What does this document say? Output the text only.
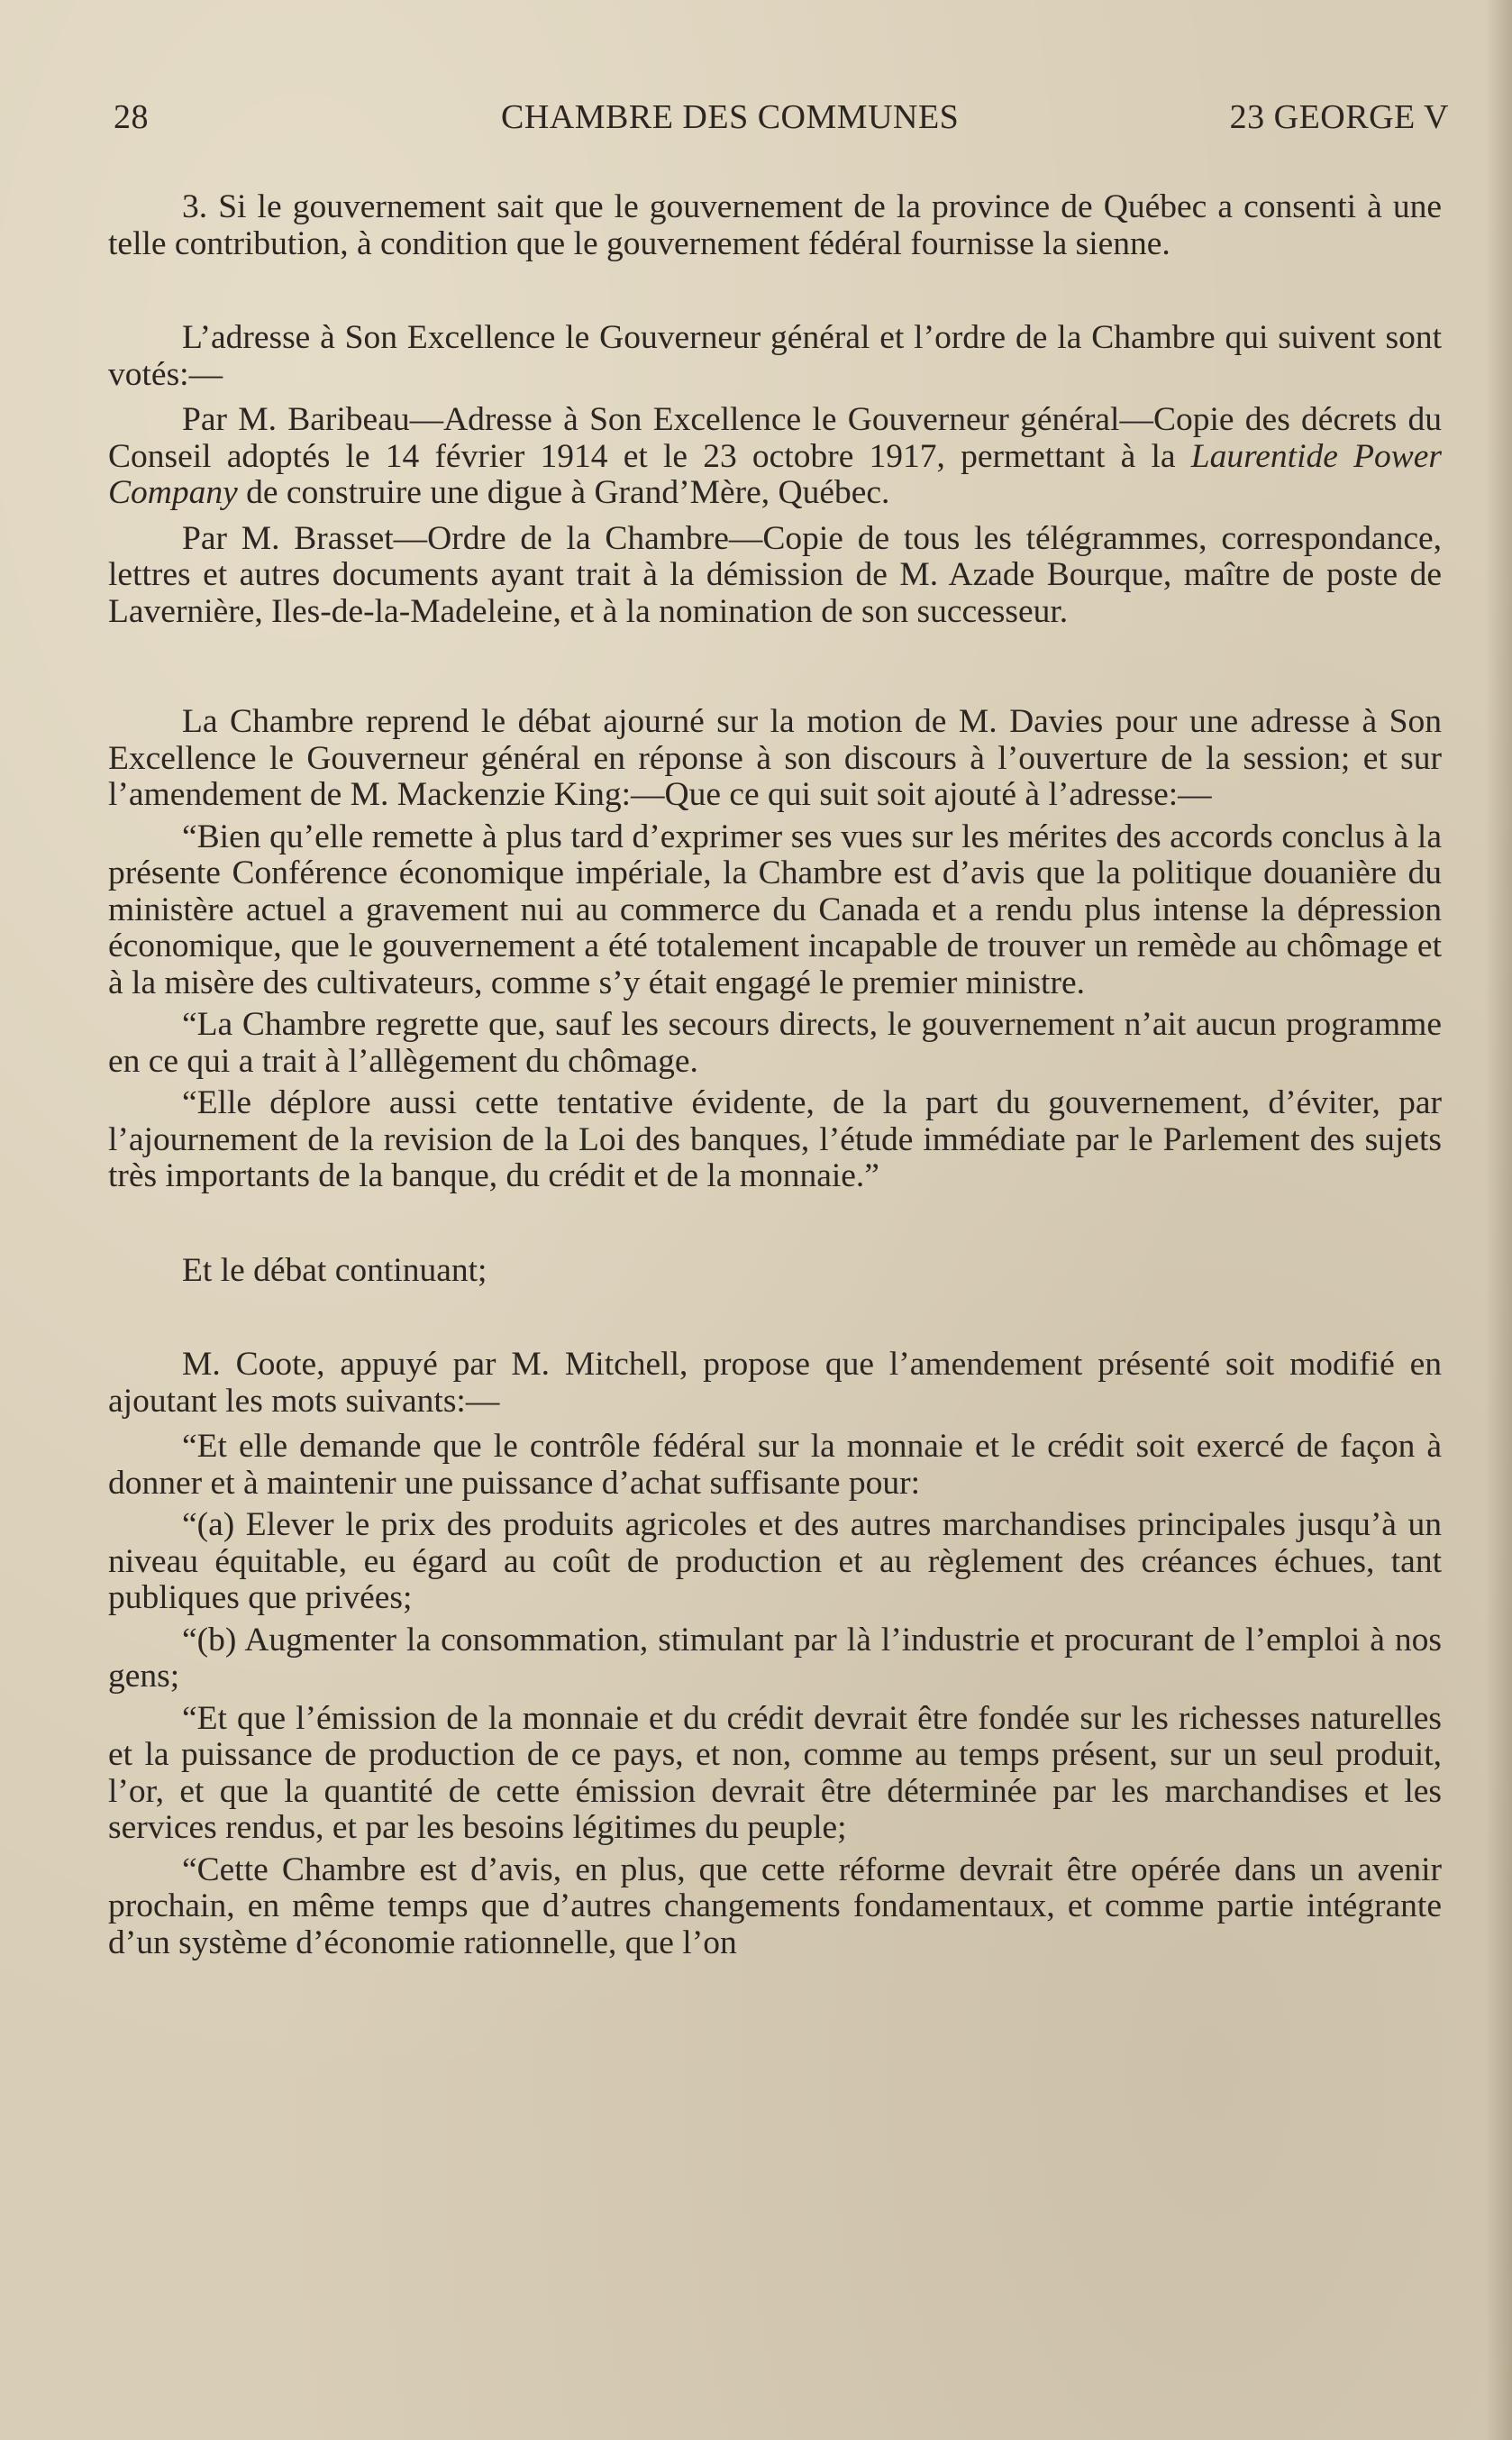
28	CHAMBRE DES COMMUNES	23 GEORGE V

3. Si le gouvernement sait que le gouvernement de la province de Québec a consenti à une telle contribution, à condition que le gouvernement fédéral fournisse la sienne.

L’adresse à Son Excellence le Gouverneur général et l’ordre de la Chambre qui suivent sont votés:—

Par M. Baribeau—Adresse à Son Excellence le Gouverneur général—Copie des décrets du Conseil adoptés le 14 février 1914 et le 23 octobre 1917, permettant à la Laurentide Power Company de construire une digue à Grand’Mère, Québec.

Par M. Brasset—Ordre de la Chambre—Copie de tous les télégrammes, correspondance, lettres et autres documents ayant trait à la démission de M. Azade Bourque, maître de poste de Lavernière, Iles-de-la-Madeleine, et à la nomination de son successeur.

La Chambre reprend le débat ajourné sur la motion de M. Davies pour une adresse à Son Excellence le Gouverneur général en réponse à son discours à l’ouverture de la session; et sur l’amendement de M. Mackenzie King:—Que ce qui suit soit ajouté à l’adresse:—

“Bien qu’elle remette à plus tard d’exprimer ses vues sur les mérites des accords conclus à la présente Conférence économique impériale, la Chambre est d’avis que la politique douanière du ministère actuel a gravement nui au commerce du Canada et a rendu plus intense la dépression économique, que le gouvernement a été totalement incapable de trouver un remède au chômage et à la misère des cultivateurs, comme s’y était engagé le premier ministre.

“La Chambre regrette que, sauf les secours directs, le gouvernement n’ait aucun programme en ce qui a trait à l’allègement du chômage.

“Elle déplore aussi cette tentative évidente, de la part du gouvernement, d’éviter, par l’ajournement de la revision de la Loi des banques, l’étude immédiate par le Parlement des sujets très importants de la banque, du crédit et de la monnaie.”

Et le débat continuant;

M. Coote, appuyé par M. Mitchell, propose que l’amendement présenté soit modifié en ajoutant les mots suivants:—

“Et elle demande que le contrôle fédéral sur la monnaie et le crédit soit exercé de façon à donner et à maintenir une puissance d’achat suffisante pour:

“(a) Elever le prix des produits agricoles et des autres marchandises principales jusqu’à un niveau équitable, eu égard au coût de production et au règlement des créances échues, tant publiques que privées;

“(b) Augmenter la consommation, stimulant par là l’industrie et procurant de l’emploi à nos gens;

“Et que l’émission de la monnaie et du crédit devrait être fondée sur les richesses naturelles et la puissance de production de ce pays, et non, comme au temps présent, sur un seul produit, l’or, et que la quantité de cette émission devrait être déterminée par les marchandises et les services rendus, et par les besoins légitimes du peuple;

“Cette Chambre est d’avis, en plus, que cette réforme devrait être opérée dans un avenir prochain, en même temps que d’autres changements fondamentaux, et comme partie intégrante d’un système d’économie rationnelle, que l’on
